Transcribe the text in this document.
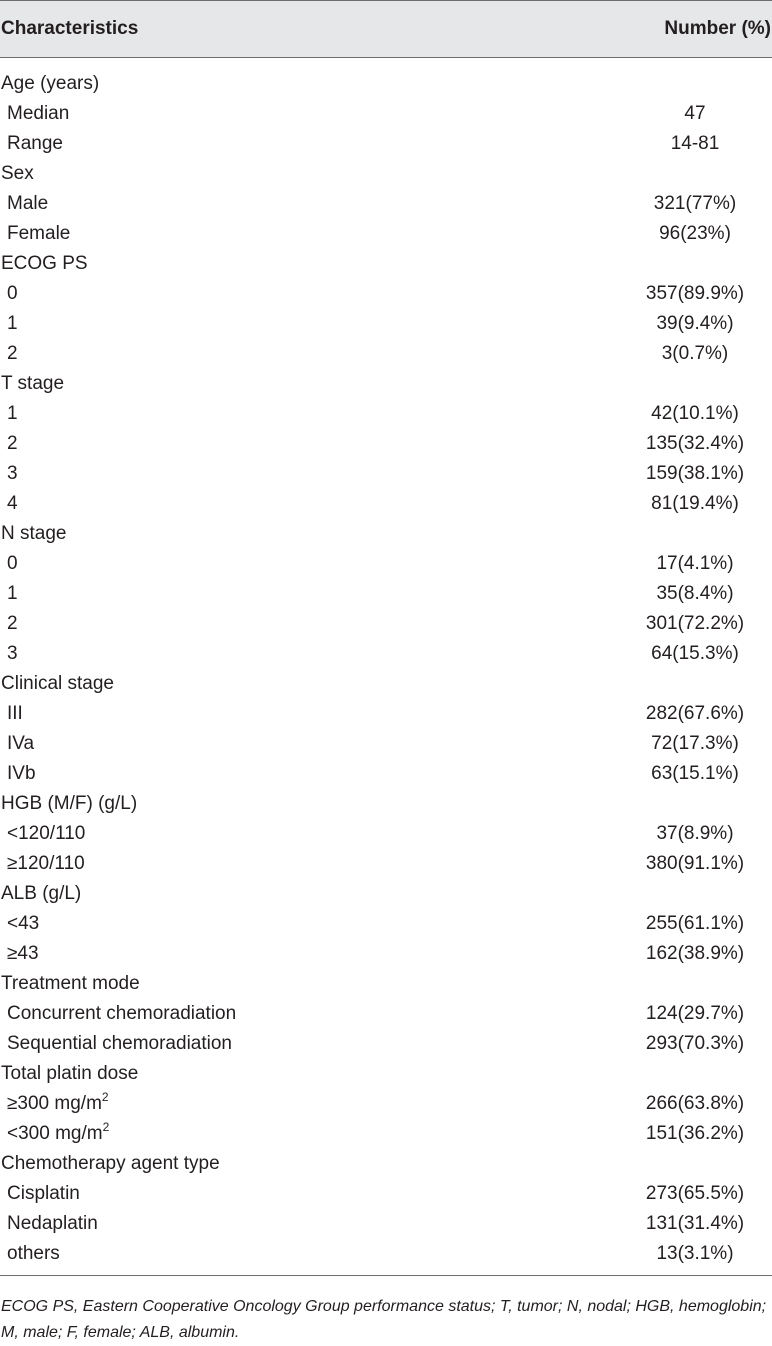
Characteristics	Number (%)
Age (years)
Median	47
Range	14-81
Sex
Male	321(77%)
Female	96(23%)
ECOG PS
0	357(89.9%)
1	39(9.4%)
2	3(0.7%)
T stage
1	42(10.1%)
2	135(32.4%)
3	159(38.1%)
4	81(19.4%)
N stage
0	17(4.1%)
1	35(8.4%)
2	301(72.2%)
3	64(15.3%)
Clinical stage
III	282(67.6%)
IVa	72(17.3%)
IVb	63(15.1%)
HGB (M/F) (g/L)
<120/110	37(8.9%)
≥120/110	380(91.1%)
ALB (g/L)
<43	255(61.1%)
≥43	162(38.9%)
Treatment mode
Concurrent chemoradiation	124(29.7%)
Sequential chemoradiation	293(70.3%)
Total platin dose
≥300 $mg/m^2$	266(63.8%)
<300 $mg/m^2$	151(36.2%)
Chemotherapy agent type
Cisplatin	273(65.5%)
Nedaplatin	131(31.4%)
others	13(3.1%)
ECOG PS, Eastern Cooperative Oncology Group performance status; T, tumor; N, nodal; HGB, hemoglobin; M, male; F, female; ALB, albumin.
